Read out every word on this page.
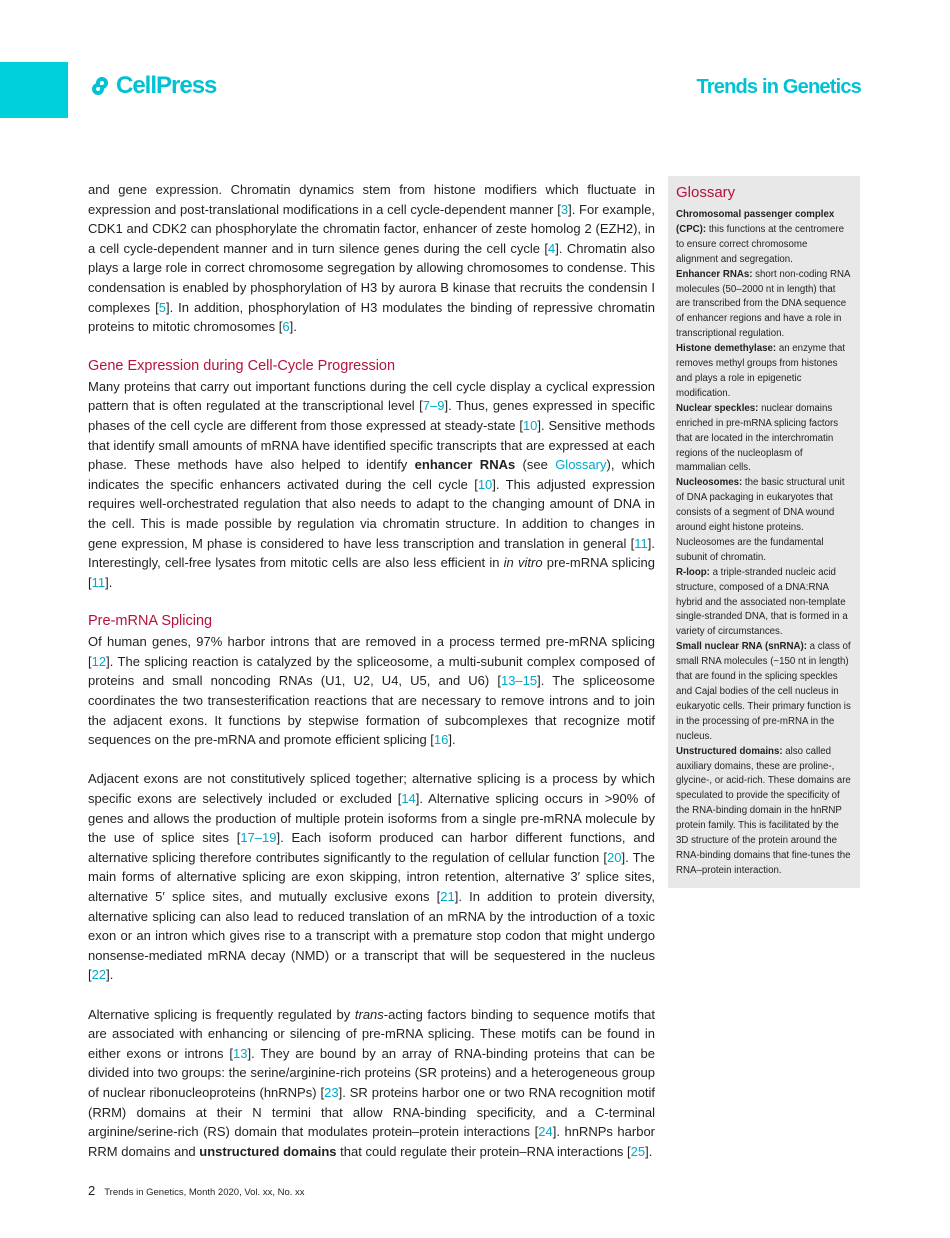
CellPress	Trends in Genetics

and gene expression. Chromatin dynamics stem from histone modifiers which fluctuate in expression and post-translational modifications in a cell cycle-dependent manner [3]. For example, CDK1 and CDK2 can phosphorylate the chromatin factor, enhancer of zeste homolog 2 (EZH2), in a cell cycle-dependent manner and in turn silence genes during the cell cycle [4]. Chromatin also plays a large role in correct chromosome segregation by allowing chromosomes to condense. This condensation is enabled by phosphorylation of H3 by aurora B kinase that recruits the condensin I complexes [5]. In addition, phosphorylation of H3 modulates the binding of repressive chromatin proteins to mitotic chromosomes [6].

Gene Expression during Cell-Cycle Progression

Many proteins that carry out important functions during the cell cycle display a cyclical expression pattern that is often regulated at the transcriptional level [7–9]. Thus, genes expressed in specific phases of the cell cycle are different from those expressed at steady-state [10]. Sensitive methods that identify small amounts of mRNA have identified specific transcripts that are expressed at each phase. These methods have also helped to identify enhancer RNAs (see Glossary), which indicates the specific enhancers activated during the cell cycle [10]. This adjusted expression requires well-orchestrated regulation that also needs to adapt to the changing amount of DNA in the cell. This is made possible by regulation via chromatin structure. In addition to changes in gene expression, M phase is considered to have less transcription and translation in general [11]. Interestingly, cell-free lysates from mitotic cells are also less efficient in in vitro pre-mRNA splicing [11].

Pre-mRNA Splicing

Of human genes, 97% harbor introns that are removed in a process termed pre-mRNA splicing [12]. The splicing reaction is catalyzed by the spliceosome, a multi-subunit complex composed of proteins and small noncoding RNAs (U1, U2, U4, U5, and U6) [13–15]. The spliceosome coordinates the two transesterification reactions that are necessary to remove introns and to join the adjacent exons. It functions by stepwise formation of subcomplexes that recognize motif sequences on the pre-mRNA and promote efficient splicing [16].

Adjacent exons are not constitutively spliced together; alternative splicing is a process by which specific exons are selectively included or excluded [14]. Alternative splicing occurs in >90% of genes and allows the production of multiple protein isoforms from a single pre-mRNA molecule by the use of splice sites [17–19]. Each isoform produced can harbor different functions, and alternative splicing therefore contributes significantly to the regulation of cellular function [20]. The main forms of alternative splicing are exon skipping, intron retention, alternative 3′ splice sites, alternative 5′ splice sites, and mutually exclusive exons [21]. In addition to protein diversity, alternative splicing can also lead to reduced translation of an mRNA by the introduction of a toxic exon or an intron which gives rise to a transcript with a premature stop codon that might undergo nonsense-mediated mRNA decay (NMD) or a transcript that will be sequestered in the nucleus [22].

Alternative splicing is frequently regulated by trans-acting factors binding to sequence motifs that are associated with enhancing or silencing of pre-mRNA splicing. These motifs can be found in either exons or introns [13]. They are bound by an array of RNA-binding proteins that can be divided into two groups: the serine/arginine-rich proteins (SR proteins) and a heterogeneous group of nuclear ribonucleoproteins (hnRNPs) [23]. SR proteins harbor one or two RNA recognition motif (RRM) domains at their N termini that allow RNA-binding specificity, and a C-terminal arginine/serine-rich (RS) domain that modulates protein–protein interactions [24]. hnRNPs harbor RRM domains and unstructured domains that could regulate their protein–RNA interactions [25].

2 Trends in Genetics, Month 2020, Vol. xx, No. xx
Glossary

Chromosomal passenger complex (CPC): this functions at the centromere to ensure correct chromosome alignment and segregation.

Enhancer RNAs: short non-coding RNA molecules (50–2000 nt in length) that are transcribed from the DNA sequence of enhancer regions and have a role in transcriptional regulation.

Histone demethylase: an enzyme that removes methyl groups from histones and plays a role in epigenetic modification.

Nuclear speckles: nuclear domains enriched in pre-mRNA splicing factors that are located in the interchromatin regions of the nucleoplasm of mammalian cells.

Nucleosomes: the basic structural unit of DNA packaging in eukaryotes that consists of a segment of DNA wound around eight histone proteins. Nucleosomes are the fundamental subunit of chromatin.

R-loop: a triple-stranded nucleic acid structure, composed of a DNA:RNA hybrid and the associated non-template single-stranded DNA, that is formed in a variety of circumstances.

Small nuclear RNA (snRNA): a class of small RNA molecules (~150 nt in length) that are found in the splicing speckles and Cajal bodies of the cell nucleus in eukaryotic cells. Their primary function is in the processing of pre-mRNA in the nucleus.

Unstructured domains: also called auxiliary domains, these are proline-, glycine-, or acid-rich. These domains are speculated to provide the specificity of the RNA-binding domain in the hnRNP protein family. This is facilitated by the 3D structure of the protein around the RNA-binding domains that fine-tunes the RNA–protein interaction.
